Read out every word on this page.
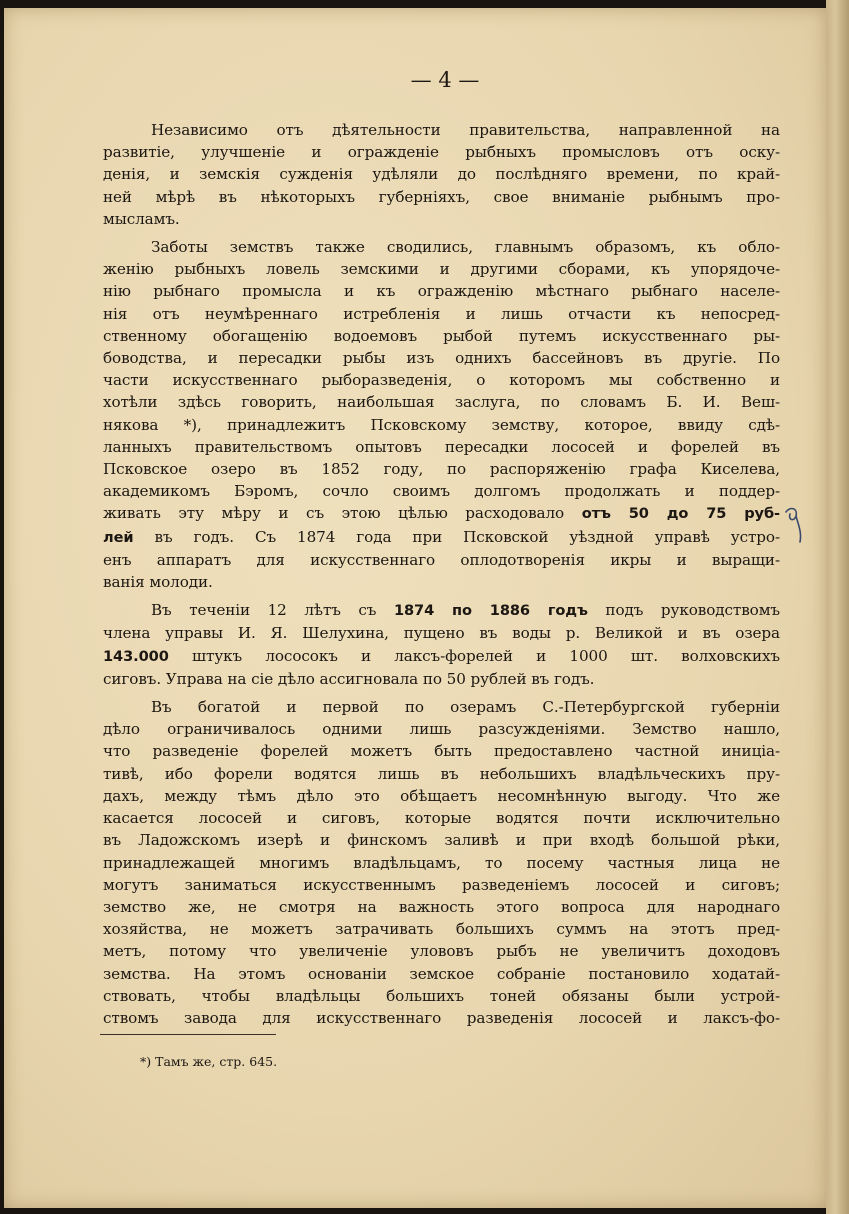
— 4 —
Независимо отъ дѣятельности правительства, направленной на
развитіе, улучшеніе и огражденіе рыбныхъ промысловъ отъ оску-
денія, и земскія сужденія удѣляли до послѣдняго времени, по край-
ней мѣрѣ въ нѣкоторыхъ губерніяхъ, свое вниманіе рыбнымъ про-
мысламъ.
Заботы земствъ также сводились, главнымъ образомъ, къ обло-
женію рыбныхъ ловель земскими и другими сборами, къ упорядоче-
нію рыбнаго промысла и къ огражденію мѣстнаго рыбнаго населе-
нія отъ неумѣреннаго истребленія и лишь отчасти къ непосред-
ственному обогащенію водоемовъ рыбой путемъ искусственнаго ры-
боводства, и пересадки рыбы изъ однихъ бассейновъ въ другіе. По
части искусственнаго рыборазведенія, о которомъ мы собственно и
хотѣли здѣсь говорить, наибольшая заслуга, по словамъ Б. И. Веш-
някова *), принадлежитъ Псковскому земству, которое, ввиду сдѣ-
ланныхъ правительствомъ опытовъ пересадки лососей и форелей въ
Псковское озеро въ 1852 году, по распоряженію графа Киселева,
академикомъ Бэромъ, сочло своимъ долгомъ продолжать и поддер-
живать эту мѣру и съ этою цѣлью расходовало отъ 50 до 75 руб-
лей въ годъ. Съ 1874 года при Псковской уѣздной управѣ устро-
енъ аппаратъ для искусственнаго оплодотворенія икры и выращи-
ванія молоди.
Въ теченіи 12 лѣтъ съ 1874 по 1886 годъ подъ руководствомъ
члена управы И. Я. Шелухина, пущено въ воды р. Великой и въ озера
143.000 штукъ лососокъ и лаксъ-форелей и 1000 шт. волховскихъ
сиговъ. Управа на сіе дѣло ассигновала по 50 рублей въ годъ.
Въ богатой и первой по озерамъ С.-Петербургской губерніи
дѣло ограничивалось одними лишь разсужденіями. Земство нашло,
что разведеніе форелей можетъ быть предоставлено частной иниціа-
тивѣ, ибо форели водятся лишь въ небольшихъ владѣльческихъ пру-
дахъ, между тѣмъ дѣло это обѣщаетъ несомнѣнную выгоду. Что же
касается лососей и сиговъ, которые водятся почти исключительно
въ Ладожскомъ изерѣ и финскомъ заливѣ и при входѣ большой рѣки,
принадлежащей многимъ владѣльцамъ, то посему частныя лица не
могутъ заниматься искусственнымъ разведеніемъ лососей и сиговъ;
земство же, не смотря на важность этого вопроса для народнаго
хозяйства, не можетъ затрачивать большихъ суммъ на этотъ пред-
метъ, потому что увеличеніе улововъ рыбъ не увеличитъ доходовъ
земства. На этомъ основаніи земское собраніе постановило ходатай-
ствовать, чтобы владѣльцы большихъ тоней обязаны были устрой-
ствомъ завода для искусственнаго разведенія лососей и лаксъ-фо-
*) Тамъ же, стр. 645.
